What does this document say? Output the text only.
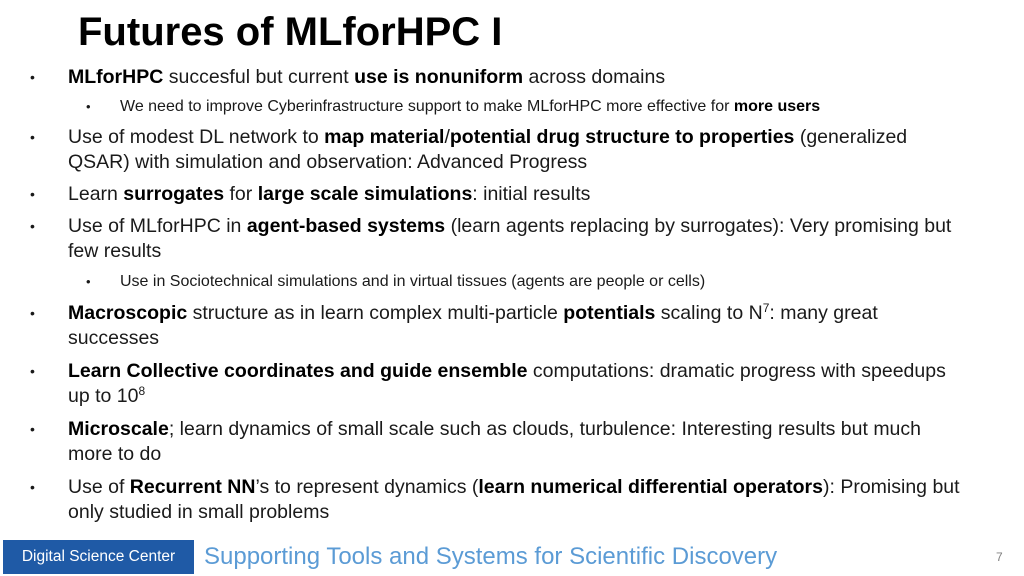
Futures of MLforHPC I
•	MLforHPC succesful but current use is nonuniform across domains
•	We need to improve Cyberinfrastructure support to make MLforHPC more effective for more users
•	Use of modest DL network to map material/potential drug structure to properties (generalized QSAR) with simulation and observation: Advanced Progress
•	Learn surrogates for large scale simulations: initial results
•	Use of MLforHPC in agent-based systems (learn agents replacing by surrogates): Very promising but few results
•	Use in Sociotechnical simulations and in virtual tissues (agents are people or cells)
•	Macroscopic structure as in learn complex multi-particle potentials scaling to $N^7$: many great successes
•	Learn Collective coordinates and guide ensemble computations: dramatic progress with speedups up to $10^8$
•	Microscale; learn dynamics of small scale such as clouds, turbulence: Interesting results but much more to do
•	Use of Recurrent NN’s to represent dynamics (learn numerical differential operators): Promising but only studied in small problems
Digital Science Center	Supporting Tools and Systems for Scientific Discovery	7
